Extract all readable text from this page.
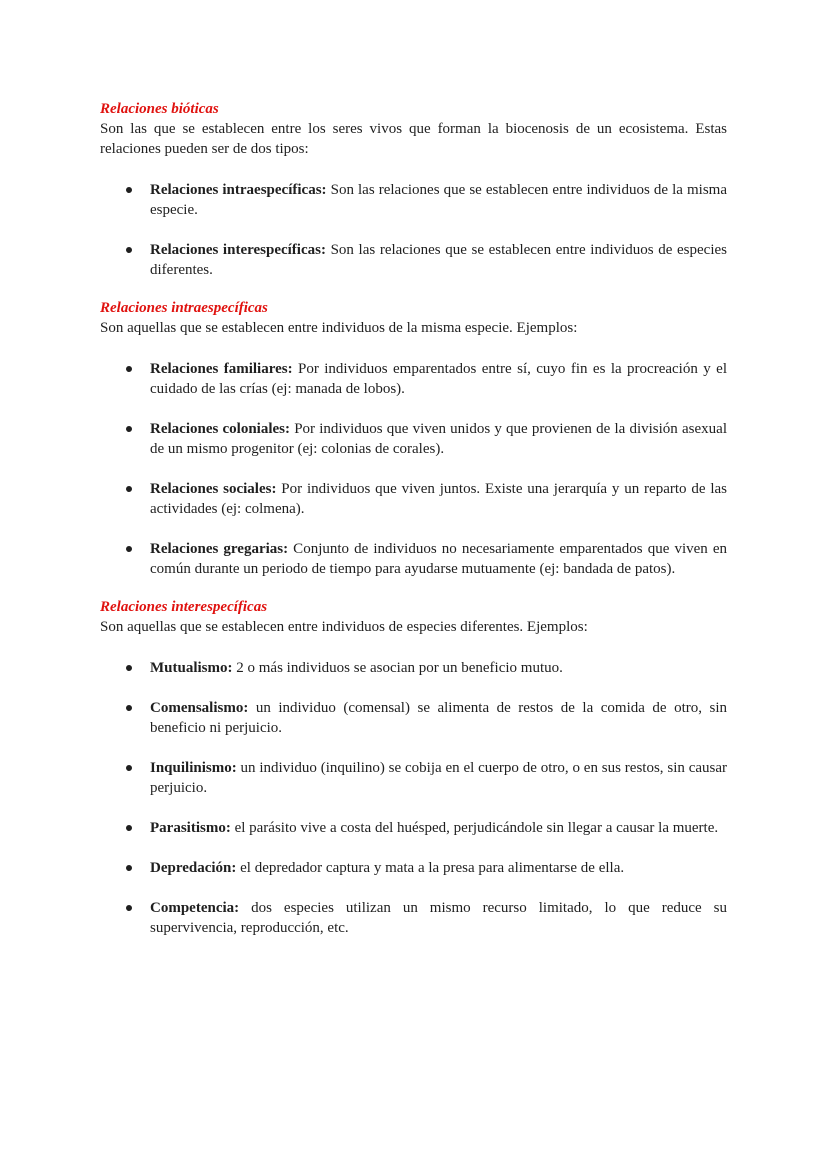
Relaciones bióticas

Son las que se establecen entre los seres vivos que forman la biocenosis de un ecosistema. Estas relaciones pueden ser de dos tipos:

Relaciones intraespecíficas: Son las relaciones que se establecen entre individuos de la misma especie.
Relaciones interespecíficas: Son las relaciones que se establecen entre individuos de especies diferentes.

Relaciones intraespecíficas

Son aquellas que se establecen entre individuos de la misma especie. Ejemplos:

Relaciones familiares: Por individuos emparentados entre sí, cuyo fin es la procreación y el cuidado de las crías (ej: manada de lobos).
Relaciones coloniales: Por individuos que viven unidos y que provienen de la división asexual de un mismo progenitor (ej: colonias de corales).
Relaciones sociales: Por individuos que viven juntos. Existe una jerarquía y un reparto de las actividades (ej: colmena).
Relaciones gregarias: Conjunto de individuos no necesariamente emparentados que viven en común durante un periodo de tiempo para ayudarse mutuamente (ej: bandada de patos).

Relaciones interespecíficas

Son aquellas que se establecen entre individuos de especies diferentes. Ejemplos:

Mutualismo: 2 o más individuos se asocian por un beneficio mutuo.
Comensalismo: un individuo (comensal) se alimenta de restos de la comida de otro, sin beneficio ni perjuicio.
Inquilinismo: un individuo (inquilino) se cobija en el cuerpo de otro, o en sus restos, sin causar perjuicio.
Parasitismo: el parásito vive a costa del huésped, perjudicándole sin llegar a causar la muerte.
Depredación: el depredador captura y mata a la presa para alimentarse de ella.
Competencia: dos especies utilizan un mismo recurso limitado, lo que reduce su supervivencia, reproducción, etc.
